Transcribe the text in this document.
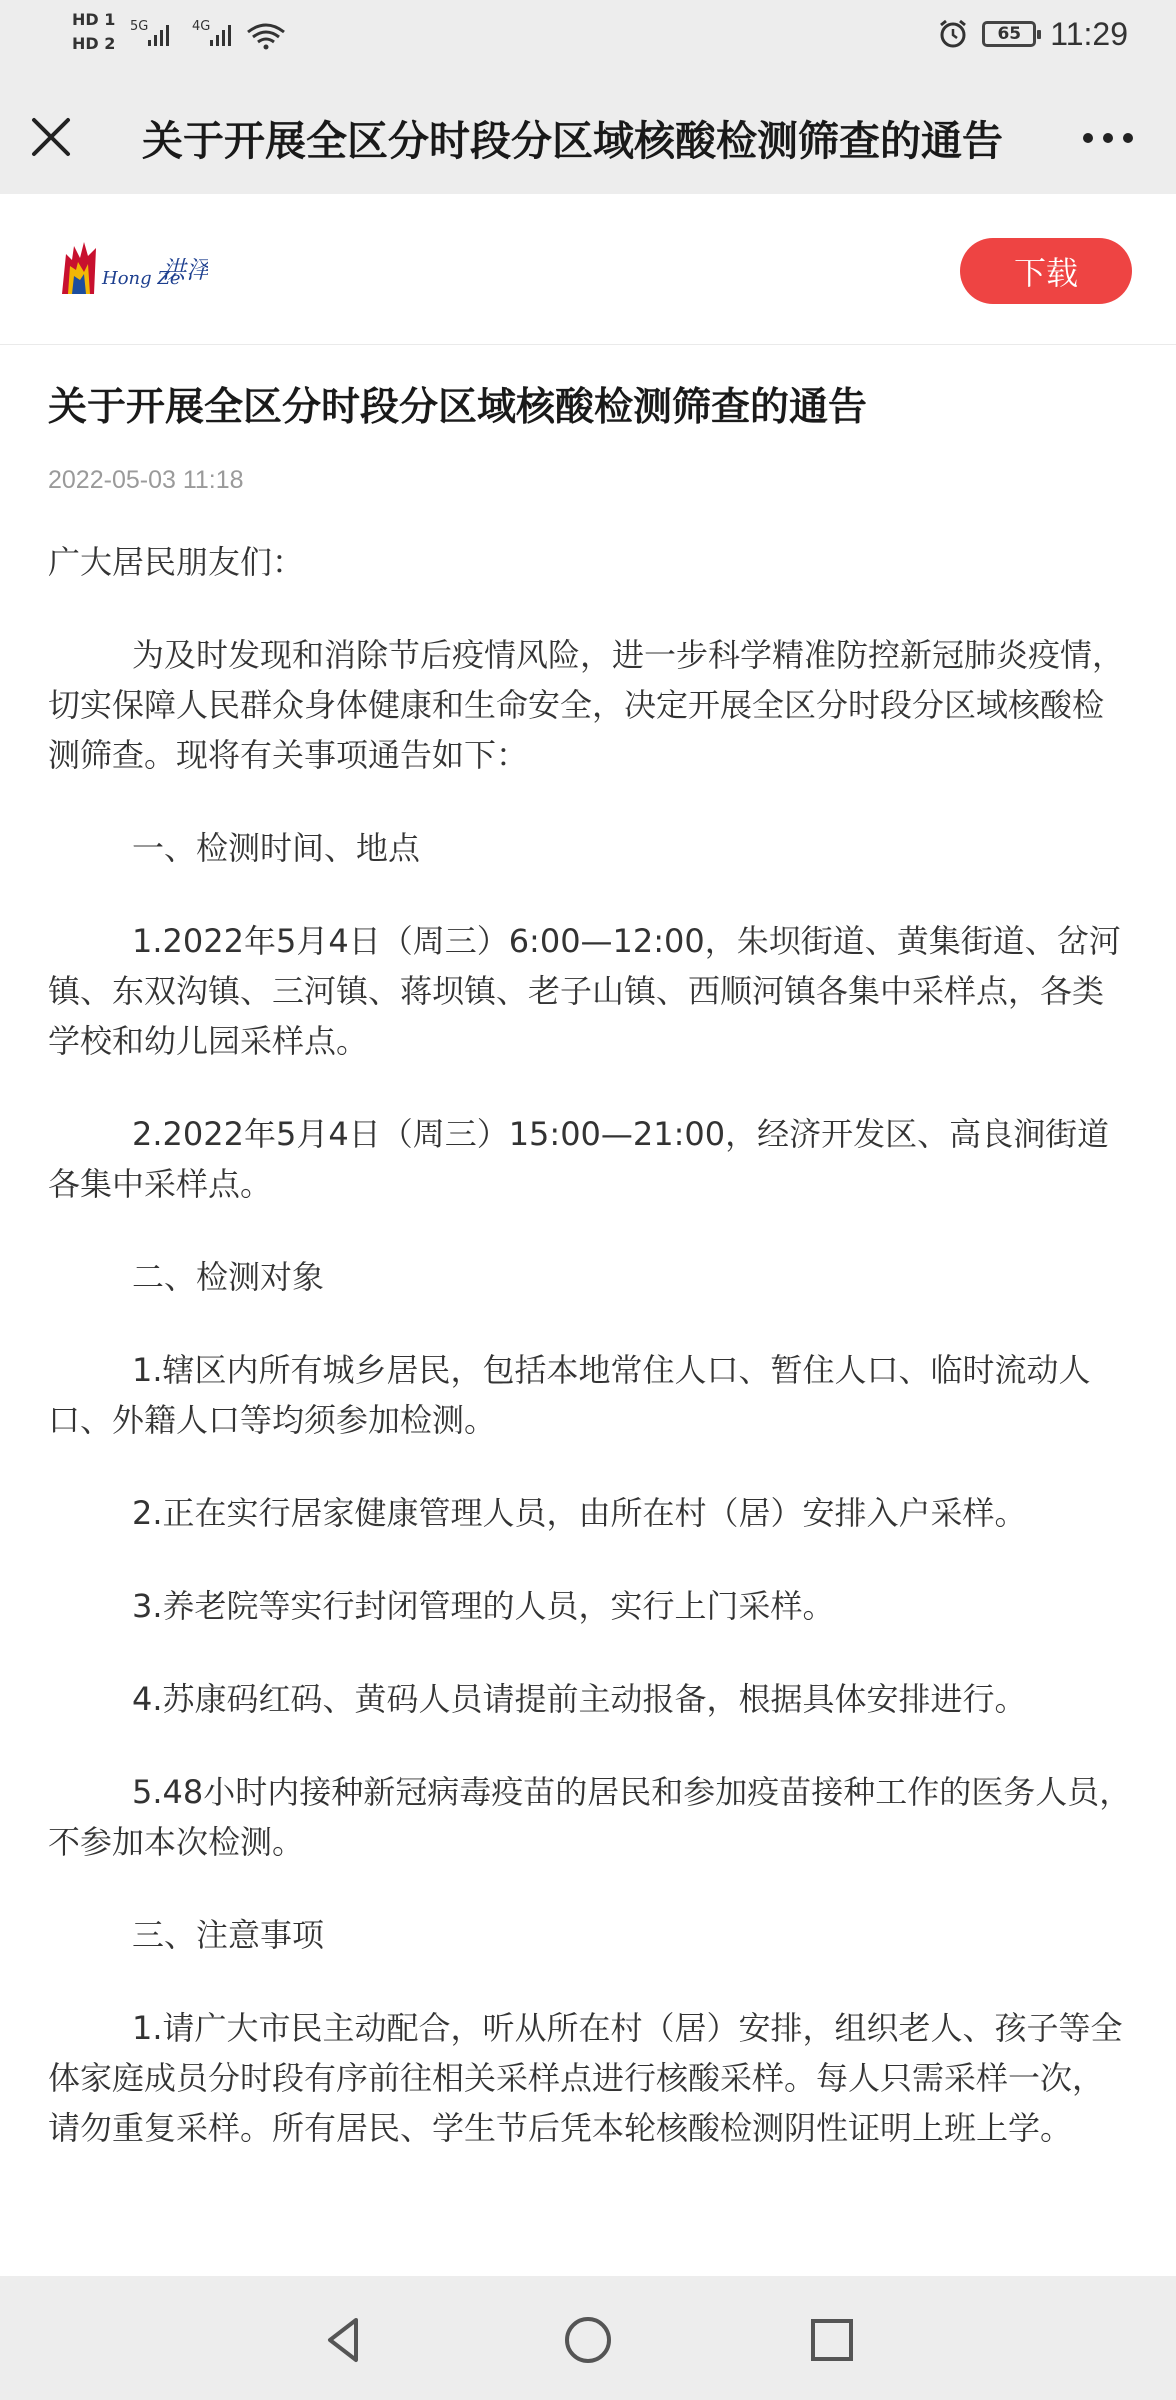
HD 1
HD 2
5G	4G	65 11:29
关于开展全区分时段分区域核酸检测筛查的通告
Hong Ze
洪泽	下载
关于开展全区分时段分区域核酸检测筛查的通告
2022-05-03 11:18

广大居民朋友们：

为及时发现和消除节后疫情风险，进一步科学精准防控新冠肺炎疫情，切实保障人民群众身体健康和生命安全，决定开展全区分时段分区域核酸检测筛查。现将有关事项通告如下：

一、检测时间、地点

1.2022年5月4日（周三）6:00—12:00，朱坝街道、黄集街道、岔河镇、东双沟镇、三河镇、蒋坝镇、老子山镇、西顺河镇各集中采样点，各类学校和幼儿园采样点。

2.2022年5月4日（周三）15:00—21:00，经济开发区、高良涧街道各集中采样点。

二、检测对象

1.辖区内所有城乡居民，包括本地常住人口、暂住人口、临时流动人口、外籍人口等均须参加检测。

2.正在实行居家健康管理人员，由所在村（居）安排入户采样。

3.养老院等实行封闭管理的人员，实行上门采样。

4.苏康码红码、黄码人员请提前主动报备，根据具体安排进行。

5.48小时内接种新冠病毒疫苗的居民和参加疫苗接种工作的医务人员，不参加本次检测。

三、注意事项

1.请广大市民主动配合，听从所在村（居）安排，组织老人、孩子等全体家庭成员分时段有序前往相关采样点进行核酸采样。每人只需采样一次，请勿重复采样。所有居民、学生节后凭本轮核酸检测阴性证明上班上学。
